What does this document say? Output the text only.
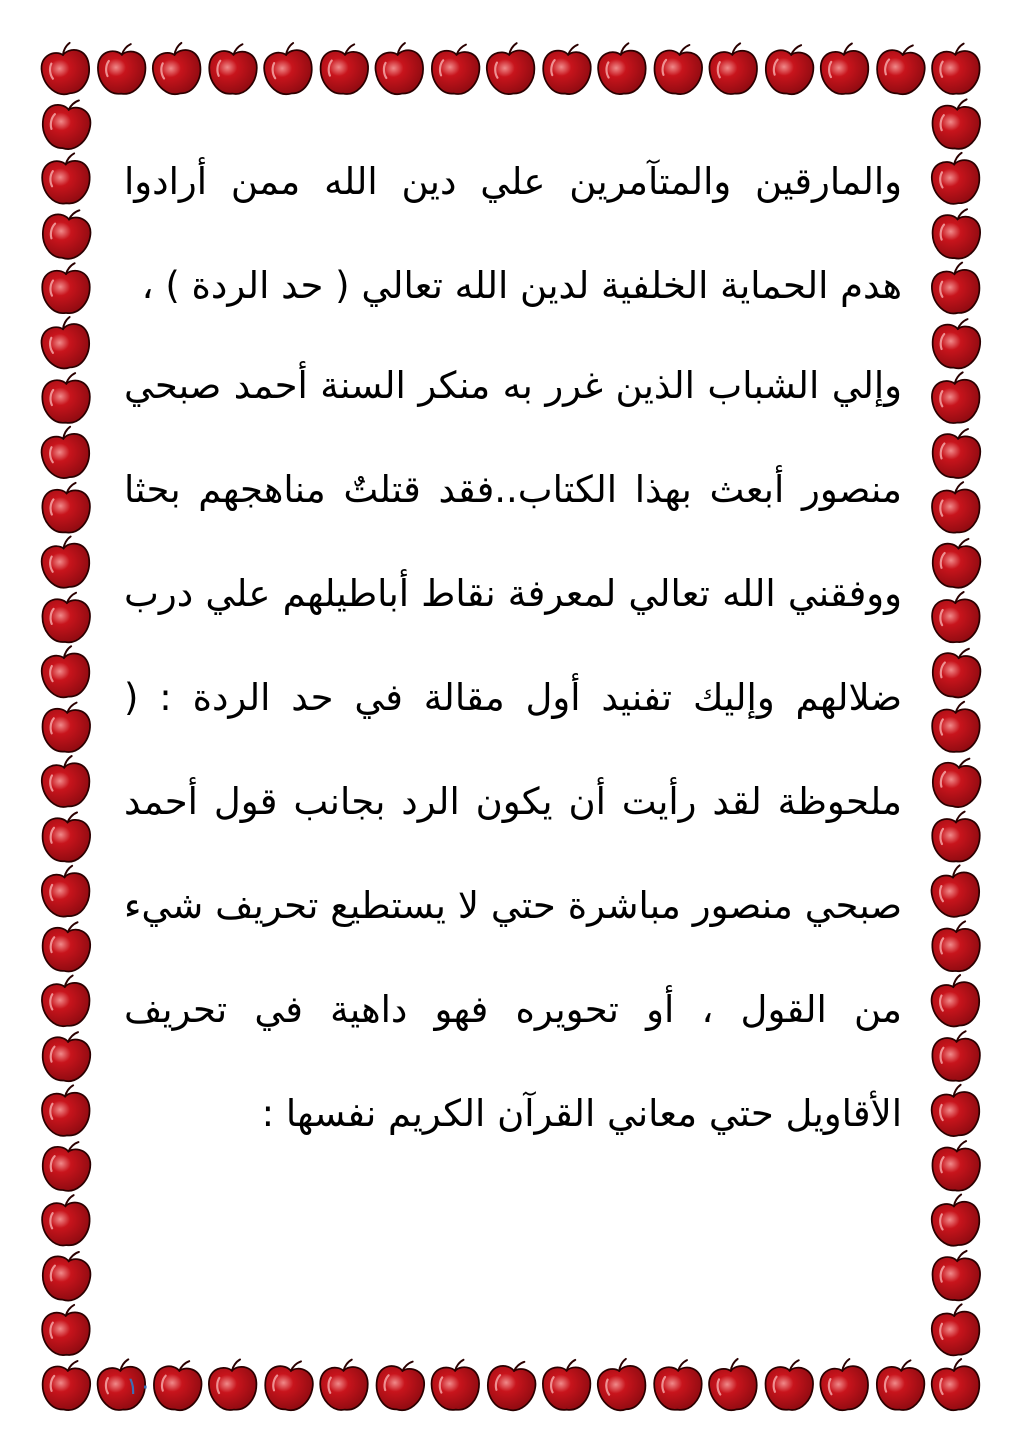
والمارقين والمتآمرين علي دين الله ممن أرادوا هدم الحماية الخلفية لدين الله تعالي ( حد الردة ) ،

وإلي الشباب الذين غرر به منكر السنة أحمد صبحي منصور أبعث بهذا الكتاب..فقد قتلتٌ مناهجهم بحثا ووفقني الله تعالي لمعرفة نقاط أباطيلهم علي درب ضلالهم وإليك تفنيد أول مقالة في حد الردة : ( ملحوظة لقد رأيت أن يكون الرد بجانب قول أحمد صبحي منصور مباشرة حتي لا يستطيع تحريف شيء من القول ، أو تحويره فهو داهية في تحريف الأقاويل حتي معاني القرآن الكريم نفسها :

١٠
